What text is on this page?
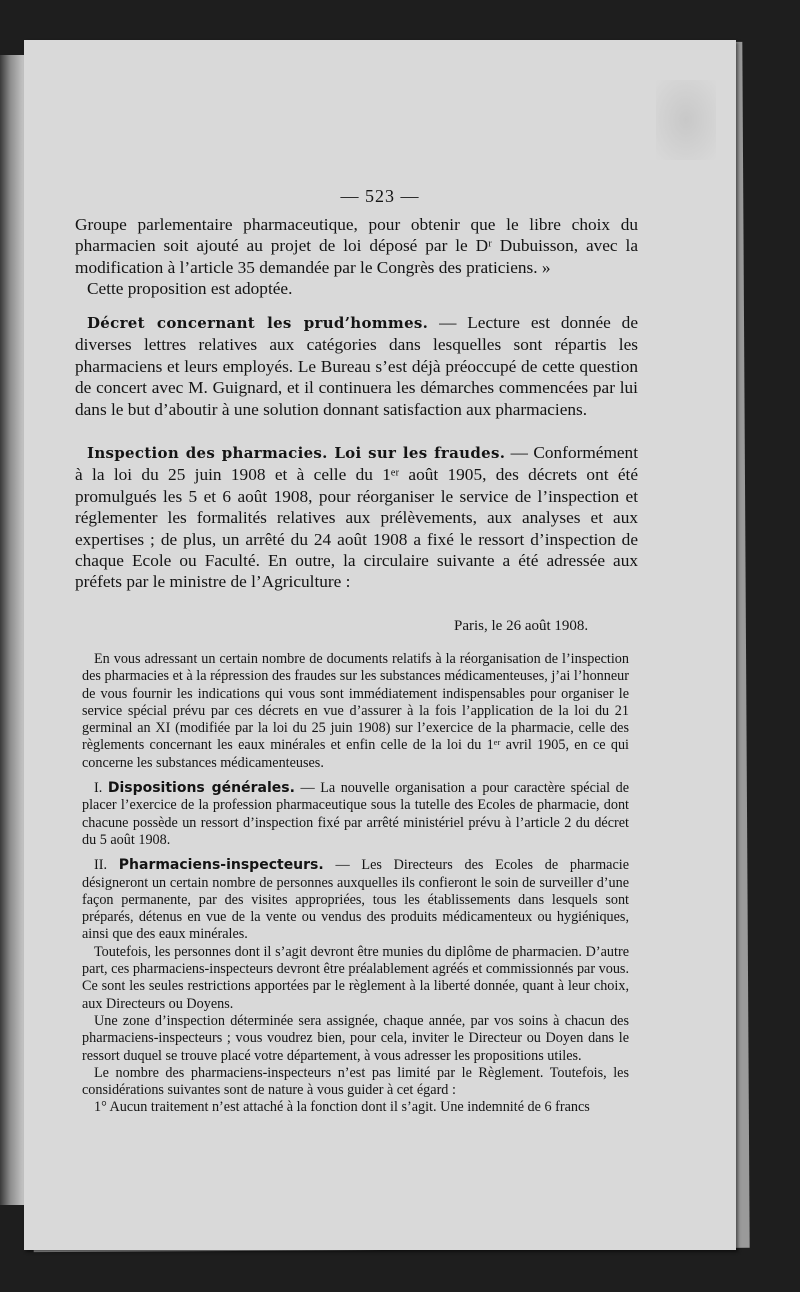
— 523 —

Groupe parlementaire pharmaceutique, pour obtenir que le libre choix du pharmacien soit ajouté au projet de loi déposé par le Dʳ Dubuisson, avec la modification à l’article 35 demandée par le Congrès des praticiens. »

Cette proposition est adoptée.

Décret concernant les prud’hommes. — Lecture est donnée de diverses lettres relatives aux catégories dans lesquelles sont répartis les pharmaciens et leurs employés. Le Bureau s’est déjà préoccupé de cette question de concert avec M. Guignard, et il continuera les démarches commencées par lui dans le but d’aboutir à une solution donnant satisfaction aux pharmaciens.

Inspection des pharmacies. Loi sur les fraudes. — Conformément à la loi du 25 juin 1908 et à celle du 1ᵉʳ août 1905, des décrets ont été promulgués les 5 et 6 août 1908, pour réorganiser le service de l’inspection et réglementer les formalités relatives aux prélèvements, aux analyses et aux expertises ; de plus, un arrêté du 24 août 1908 a fixé le ressort d’inspection de chaque Ecole ou Faculté. En outre, la circulaire suivante a été adressée aux préfets par le ministre de l’Agriculture :

Paris, le 26 août 1908.

En vous adressant un certain nombre de documents relatifs à la réorganisation de l’inspection des pharmacies et à la répression des fraudes sur les substances médicamenteuses, j’ai l’honneur de vous fournir les indications qui vous sont immédiatement indispensables pour organiser le service spécial prévu par ces décrets en vue d’assurer à la fois l’application de la loi du 21 germinal an XI (modifiée par la loi du 25 juin 1908) sur l’exercice de la pharmacie, celle des règlements concernant les eaux minérales et enfin celle de la loi du 1ᵉʳ avril 1905, en ce qui concerne les substances médicamenteuses.

I. Dispositions générales. — La nouvelle organisation a pour caractère spécial de placer l’exercice de la profession pharmaceutique sous la tutelle des Ecoles de pharmacie, dont chacune possède un ressort d’inspection fixé par arrêté ministériel prévu à l’article 2 du décret du 5 août 1908.

II. Pharmaciens-inspecteurs. — Les Directeurs des Ecoles de pharmacie désigneront un certain nombre de personnes auxquelles ils confieront le soin de surveiller d’une façon permanente, par des visites appropriées, tous les établissements dans lesquels sont préparés, détenus en vue de la vente ou vendus des produits médicamenteux ou hygiéniques, ainsi que des eaux minérales.

Toutefois, les personnes dont il s’agit devront être munies du diplôme de pharmacien. D’autre part, ces pharmaciens-inspecteurs devront être préalablement agréés et commissionnés par vous. Ce sont les seules restrictions apportées par le règlement à la liberté donnée, quant à leur choix, aux Directeurs ou Doyens.

Une zone d’inspection déterminée sera assignée, chaque année, par vos soins à chacun des pharmaciens-inspecteurs ; vous voudrez bien, pour cela, inviter le Directeur ou Doyen dans le ressort duquel se trouve placé votre département, à vous adresser les propositions utiles.

Le nombre des pharmaciens-inspecteurs n’est pas limité par le Règlement. Toutefois, les considérations suivantes sont de nature à vous guider à cet égard :

1° Aucun traitement n’est attaché à la fonction dont il s’agit. Une indemnité de 6 francs
